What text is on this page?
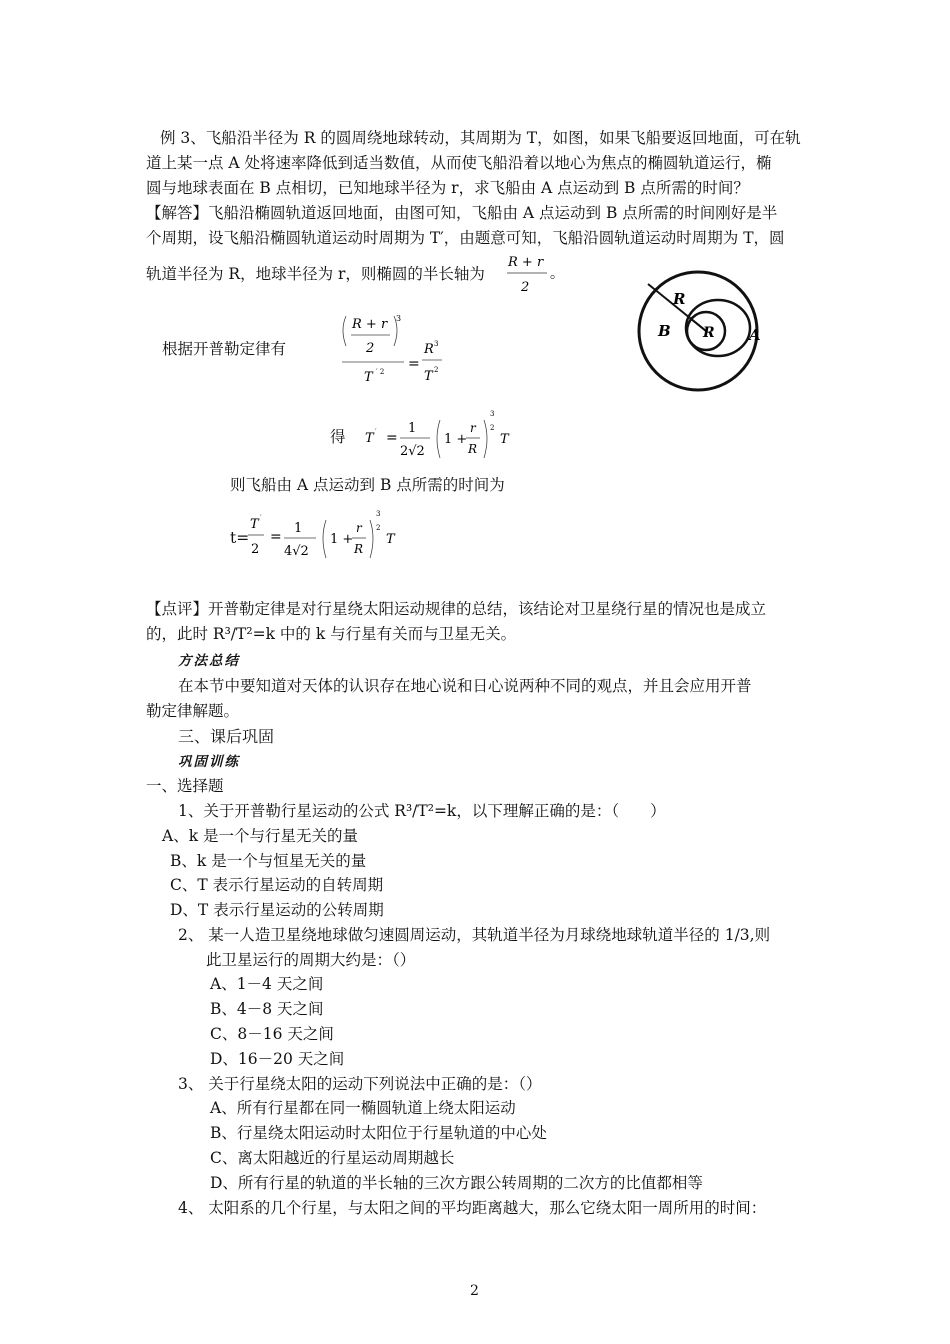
例 3、飞船沿半径为 R 的圆周绕地球转动，其周期为 T，如图，如果飞船要返回地面，可在轨
道上某一点 A 处将速率降低到适当数值，从而使飞船沿着以地心为焦点的椭圆轨道运行，椭
圆与地球表面在 B 点相切，已知地球半径为 r，求飞船由 A 点运动到 B 点所需的时间？
【解答】飞船沿椭圆轨道返回地面，由图可知，飞船由 A 点运动到 B 点所需的时间刚好是半
个周期，设飞船沿椭圆轨道运动时周期为 T′，由题意可知，飞船沿圆轨道运动时周期为 T，圆
轨道半径为 R，地球半径为 r，则椭圆的半长轴为
R + r
2
。
R
B R A
根据开普勒定律有
R + r
2
3
T ′ 2 =
R 3
T 2
得 T ′ =
1
2√2
1 +
r
R
3
2
T
则飞船由 A 点运动到 B 点所需的时间为
t=
T ′
2
=
1
4√2
1 +
r
R
3
2
T
【点评】开普勒定律是对行星绕太阳运动规律的总结，该结论对卫星绕行星的情况也是成立
的，此时 R³/T²=k 中的 k 与行星有关而与卫星无关。
方法总结
在本节中要知道对天体的认识存在地心说和日心说两种不同的观点，并且会应用开普
勒定律解题。
三、课后巩固
巩固训练
一、选择题
1、关于开普勒行星运动的公式 R³/T²=k，以下理解正确的是：（　　）
A、k 是一个与行星无关的量
B、k 是一个与恒星无关的量
C、T 表示行星运动的自转周期
D、T 表示行星运动的公转周期
2、 某一人造卫星绕地球做匀速圆周运动，其轨道半径为月球绕地球轨道半径的 1/3,则
此卫星运行的周期大约是：（）
A、1－4 天之间
B、4－8 天之间
C、8－16 天之间
D、16－20 天之间
3、 关于行星绕太阳的运动下列说法中正确的是：（）
A、所有行星都在同一椭圆轨道上绕太阳运动
B、行星绕太阳运动时太阳位于行星轨道的中心处
C、离太阳越近的行星运动周期越长
D、所有行星的轨道的半长轴的三次方跟公转周期的二次方的比值都相等
4、 太阳系的几个行星，与太阳之间的平均距离越大，那么它绕太阳一周所用的时间：
2
